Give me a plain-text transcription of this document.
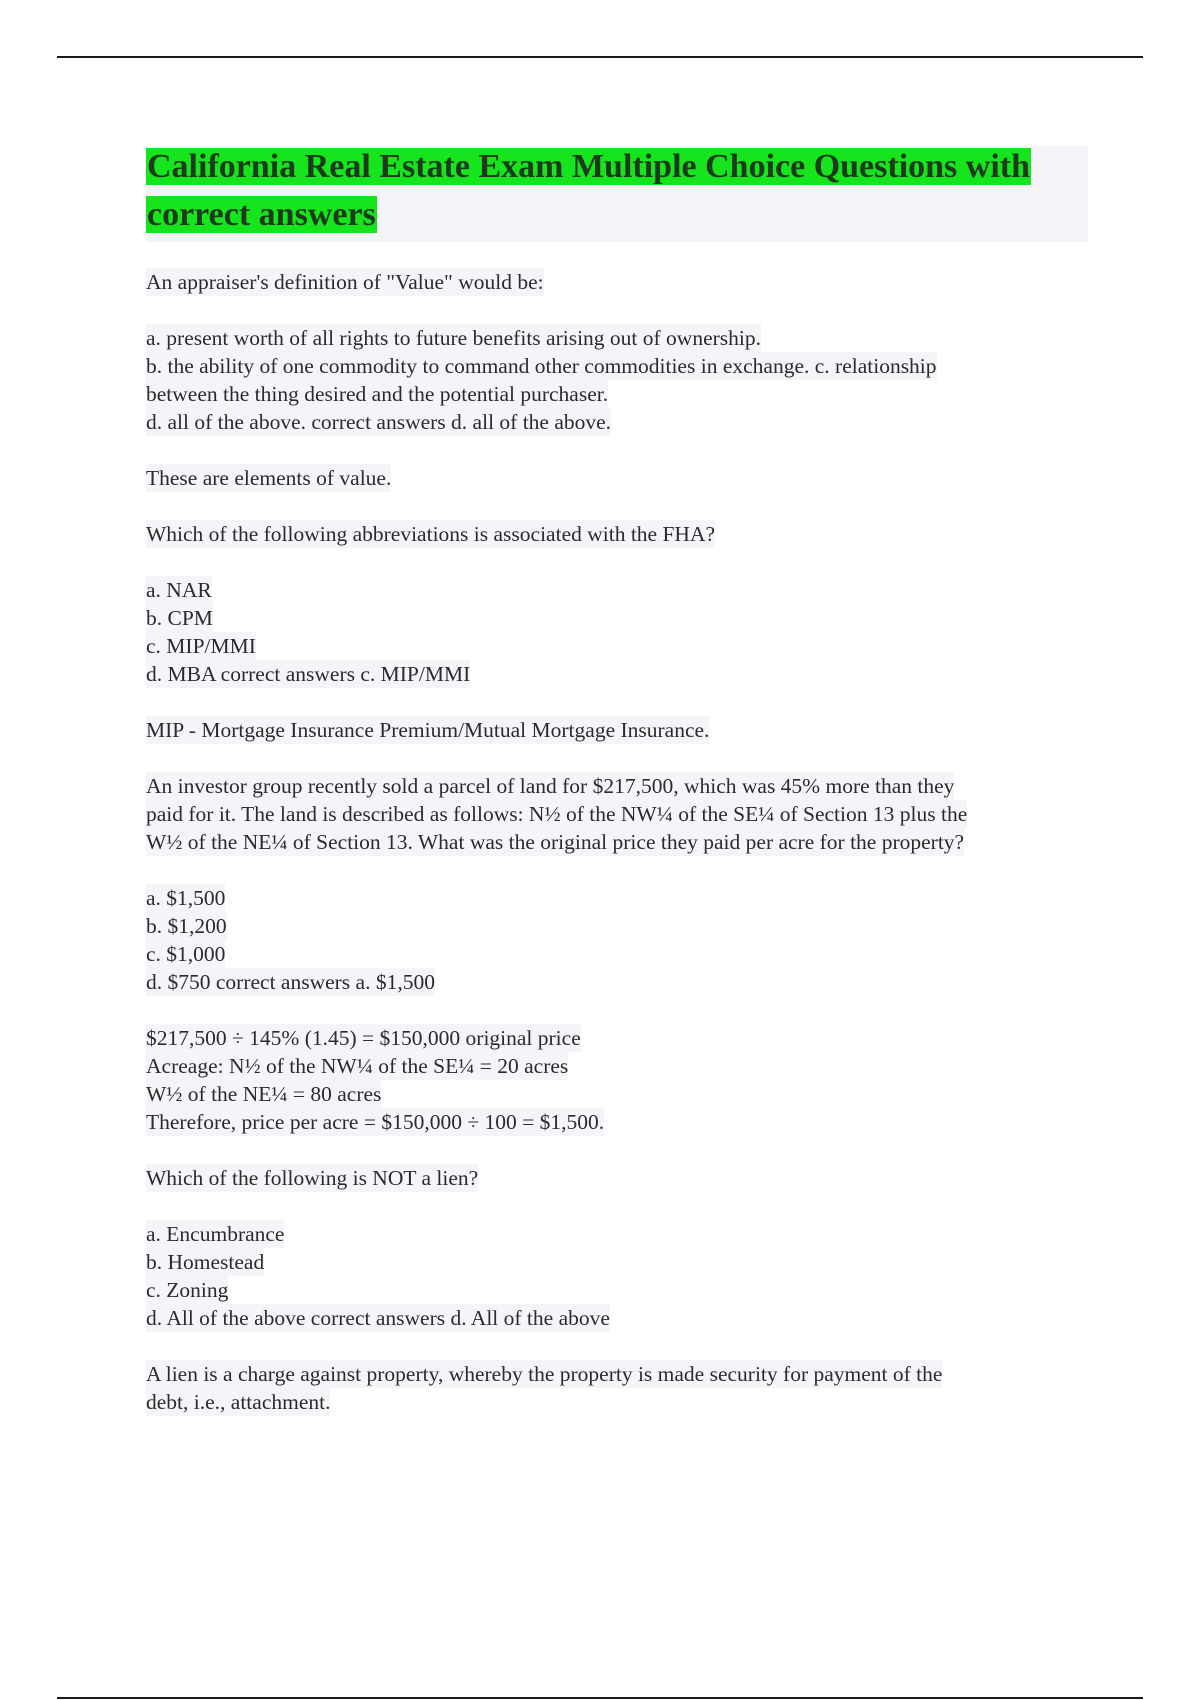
California Real Estate Exam Multiple Choice Questions with
correct answers
An appraiser's definition of "Value" would be:
a. present worth of all rights to future benefits arising out of ownership.
b. the ability of one commodity to command other commodities in exchange. c. relationship
between the thing desired and the potential purchaser.
d. all of the above. correct answers d. all of the above.
These are elements of value.
Which of the following abbreviations is associated with the FHA?
a. NAR
b. CPM
c. MIP/MMI
d. MBA correct answers c. MIP/MMI
MIP - Mortgage Insurance Premium/Mutual Mortgage Insurance.
An investor group recently sold a parcel of land for $217,500, which was 45% more than they
paid for it. The land is described as follows: N½ of the NW¼ of the SE¼ of Section 13 plus the
W½ of the NE¼ of Section 13. What was the original price they paid per acre for the property?
a. $1,500
b. $1,200
c. $1,000
d. $750 correct answers a. $1,500
$217,500 ÷ 145% (1.45) = $150,000 original price
Acreage: N½ of the NW¼ of the SE¼ = 20 acres
W½ of the NE¼ = 80 acres
Therefore, price per acre = $150,000 ÷ 100 = $1,500.
Which of the following is NOT a lien?
a. Encumbrance
b. Homestead
c. Zoning
d. All of the above correct answers d. All of the above
A lien is a charge against property, whereby the property is made security for payment of the
debt, i.e., attachment.
